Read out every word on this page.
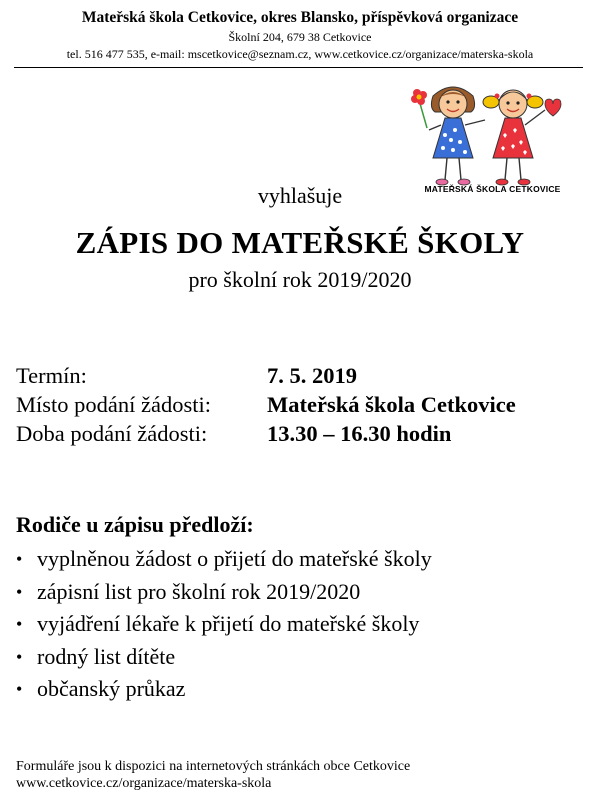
Mateřská škola Cetkovice, okres Blansko, příspěvková organizace
Školní 204, 679 38 Cetkovice
tel. 516 477 535, e-mail: mscetkovice@seznam.cz, www.cetkovice.cz/organizace/materska-skola
MATEŘSKÁ ŠKOLA CETKOVICE
vyhlašuje
ZÁPIS DO MATEŘSKÉ ŠKOLY
pro školní rok 2019/2020
Termín:	7. 5. 2019
Místo podání žádosti:	Mateřská škola Cetkovice
Doba podání žádosti:	13.30 – 16.30 hodin
Rodiče u zápisu předloží:
• vyplněnou žádost o přijetí do mateřské školy
• zápisní list pro školní rok 2019/2020
• vyjádření lékaře k přijetí do mateřské školy
• rodný list dítěte
• občanský průkaz
Formuláře jsou k dispozici na internetových stránkách obce Cetkovice
www.cetkovice.cz/organizace/materska-skola
